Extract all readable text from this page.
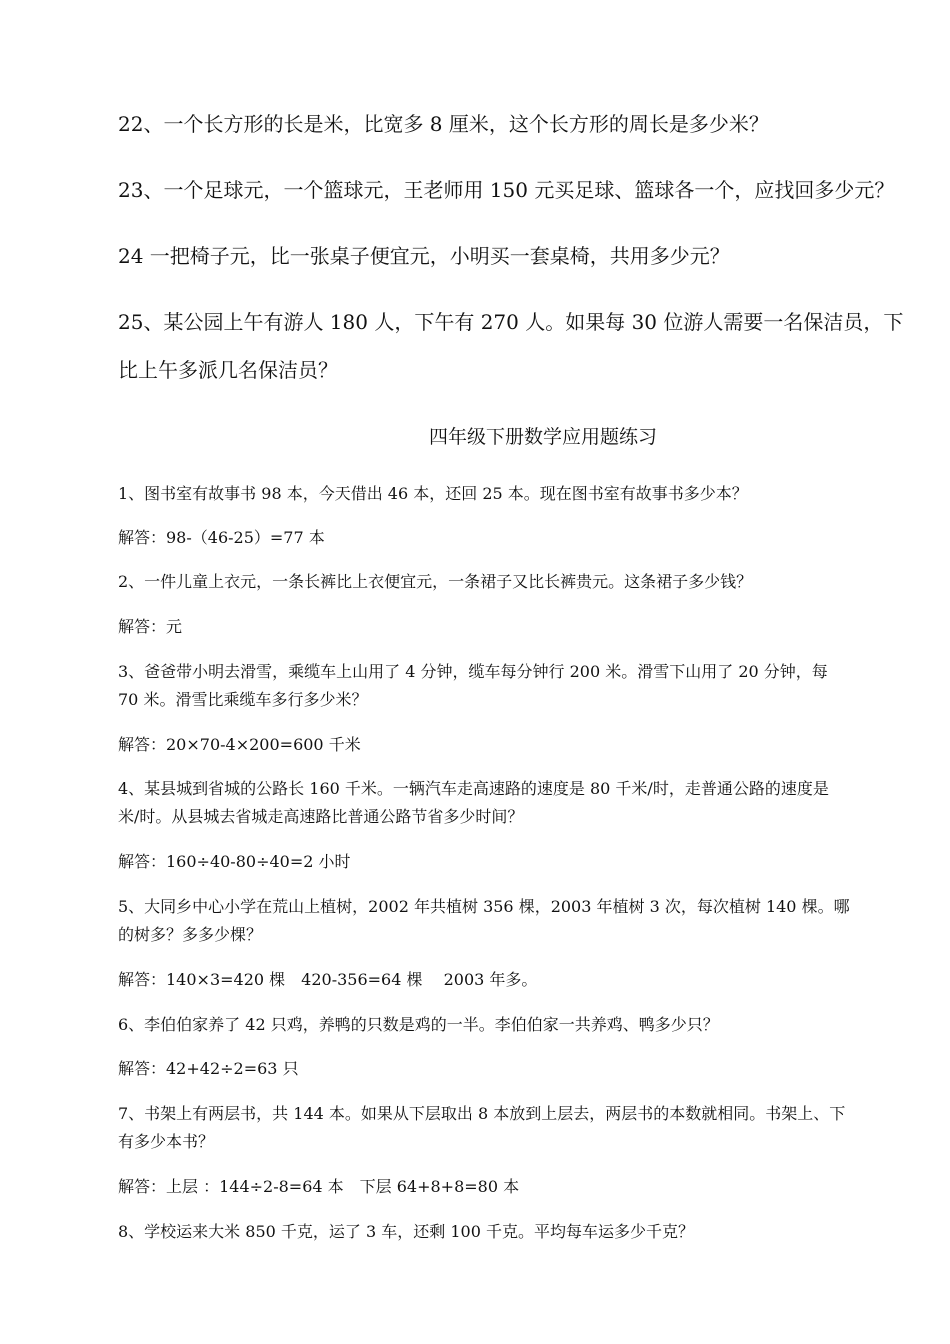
22、一个长方形的长是米，比宽多 8 厘米，这个长方形的周长是多少米？
23、一个足球元，一个篮球元，王老师用 150 元买足球、篮球各一个，应找回多少元？
24 一把椅子元，比一张桌子便宜元，小明买一套桌椅，共用多少元？
25、某公园上午有游人 180 人，下午有 270 人。如果每 30 位游人需要一名保洁员，下
比上午多派几名保洁员？
四年级下册数学应用题练习
1、图书室有故事书 98 本，今天借出 46 本，还回 25 本。现在图书室有故事书多少本？
解答：98-（46-25）=77 本
2、一件儿童上衣元，一条长裤比上衣便宜元，一条裙子又比长裤贵元。这条裙子多少钱？
解答：元
3、爸爸带小明去滑雪，乘缆车上山用了 4 分钟，缆车每分钟行 200 米。滑雪下山用了 20 分钟，每
70 米。滑雪比乘缆车多行多少米？
解答：20×70-4×200=600 千米
4、某县城到省城的公路长 160 千米。一辆汽车走高速路的速度是 80 千米/时，走普通公路的速度是
米/时。从县城去省城走高速路比普通公路节省多少时间？
解答：160÷40-80÷40=2 小时
5、大同乡中心小学在荒山上植树，2002 年共植树 356 棵，2003 年植树 3 次，每次植树 140 棵。哪
的树多？多多少棵？
解答：140×3=420 棵　420-356=64 棵　 2003 年多。
6、李伯伯家养了 42 只鸡，养鸭的只数是鸡的一半。李伯伯家一共养鸡、鸭多少只？
解答：42+42÷2=63 只
7、书架上有两层书，共 144 本。如果从下层取出 8 本放到上层去，两层书的本数就相同。书架上、下
有多少本书？
解答：上层 ：144÷2-8=64 本　下层 64+8+8=80 本
8、学校运来大米 850 千克，运了 3 车，还剩 100 千克。平均每车运多少千克？
